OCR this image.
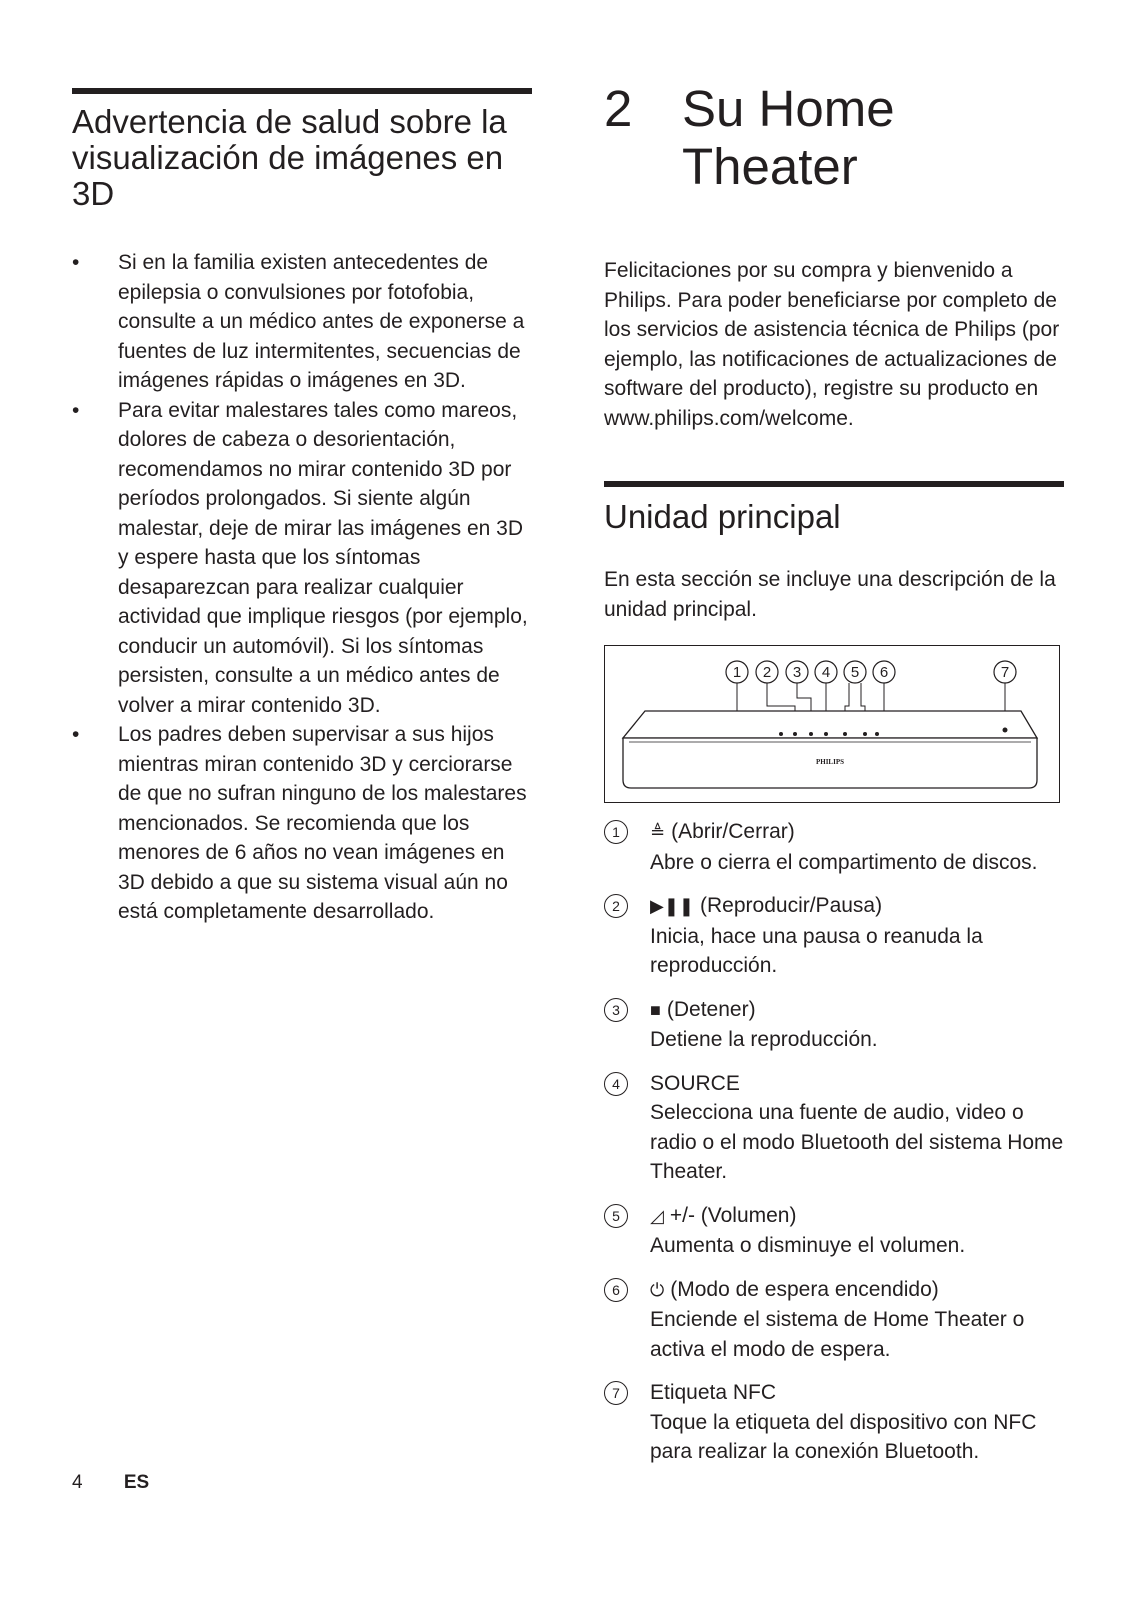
Advertencia de salud sobre la visualización de imágenes en 3D
• Si en la familia existen antecedentes de epilepsia o convulsiones por fotofobia, consulte a un médico antes de exponerse a fuentes de luz intermitentes, secuencias de imágenes rápidas o imágenes en 3D.
• Para evitar malestares tales como mareos, dolores de cabeza o desorientación, recomendamos no mirar contenido 3D por períodos prolongados. Si siente algún malestar, deje de mirar las imágenes en 3D y espere hasta que los síntomas desaparezcan para realizar cualquier actividad que implique riesgos (por ejemplo, conducir un automóvil). Si los síntomas persisten, consulte a un médico antes de volver a mirar contenido 3D.
• Los padres deben supervisar a sus hijos mientras miran contenido 3D y cerciorarse de que no sufran ninguno de los malestares mencionados. Se recomienda que los menores de 6 años no vean imágenes en 3D debido a que su sistema visual aún no está completamente desarrollado.
2 Su Home
Theater

Felicitaciones por su compra y bienvenido a Philips. Para poder beneficiarse por completo de los servicios de asistencia técnica de Philips (por ejemplo, las notificaciones de actualizaciones de software del producto), registre su producto en www.philips.com/welcome.

Unidad principal

En esta sección se incluye una descripción de la unidad principal.

1 2 3 4 5 6	7
PHILIPS
1	≜ (Abrir/Cerrar)
Abre o cierra el compartimento de discos.
2	▶❚❚ (Reproducir/Pausa)
Inicia, hace una pausa o reanuda la reproducción.
3	■ (Detener)
Detiene la reproducción.
4	SOURCE
Selecciona una fuente de audio, video o radio o el modo Bluetooth del sistema Home Theater.
5	◿ +/- (Volumen)
Aumenta o disminuye el volumen.
6	⏻ (Modo de espera encendido)
Enciende el sistema de Home Theater o activa el modo de espera.
7	Etiqueta NFC
Toque la etiqueta del dispositivo con NFC para realizar la conexión Bluetooth.
4 ES
